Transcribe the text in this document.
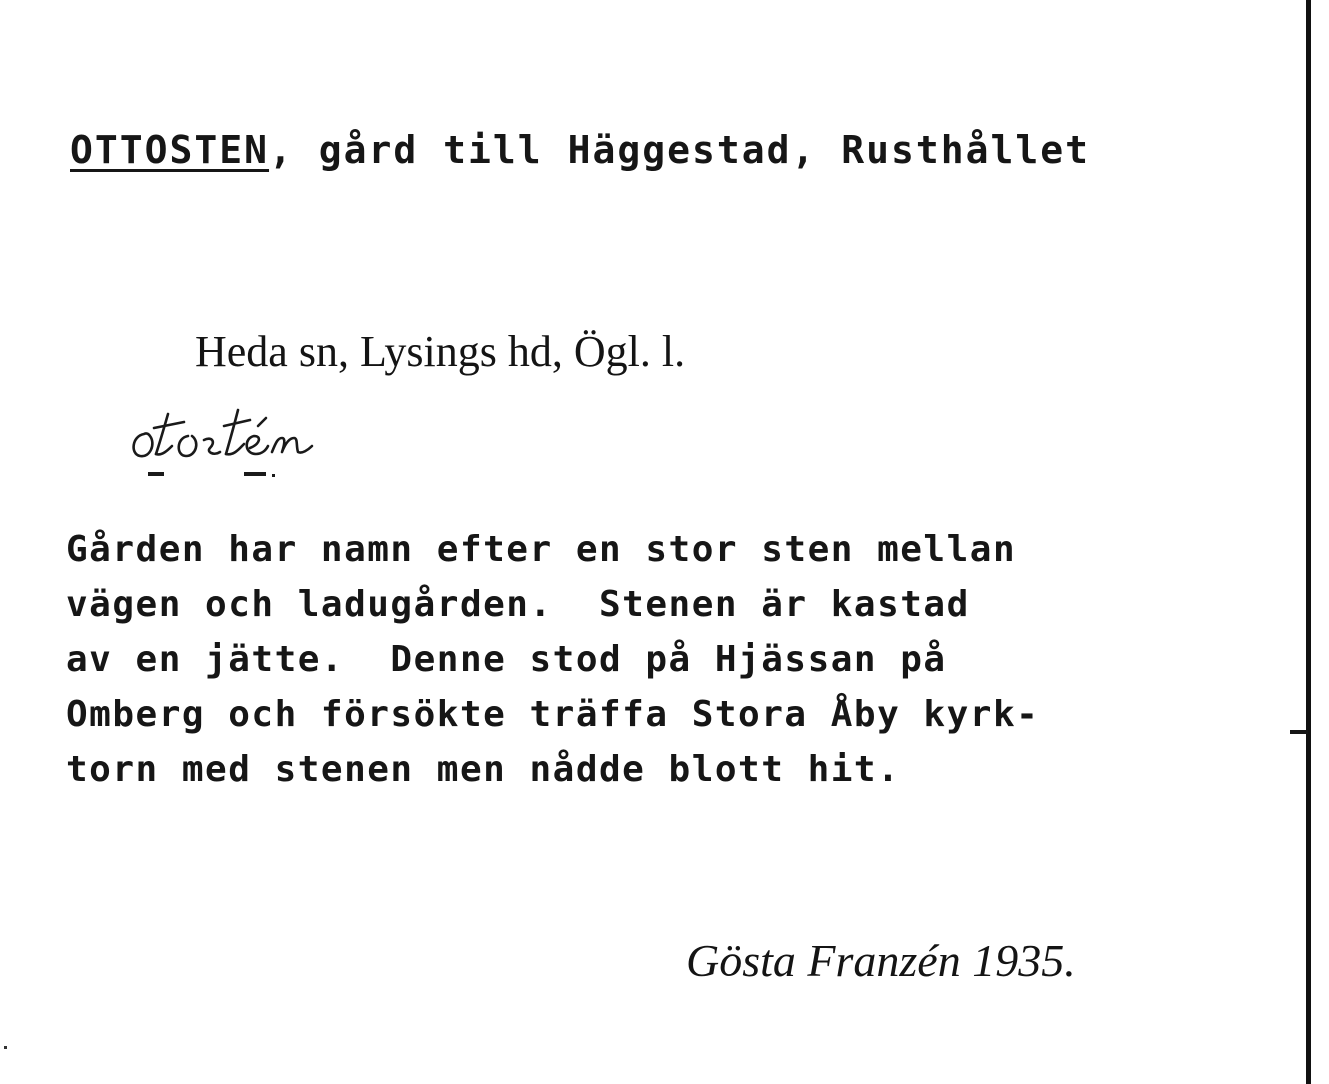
OTTOSTEN, gård till Häggestad, Rusthållet

Heda sn, Lysings hd, Ögl. l.

otostén

Gården har namn efter en stor sten mellan
vägen och ladugården.  Stenen är kastad
av en jätte.  Denne stod på Hjässan på
Omberg och försökte träffa Stora Åby kyrk-
torn med stenen men nådde blott hit.

Gösta Franzén 1935.
